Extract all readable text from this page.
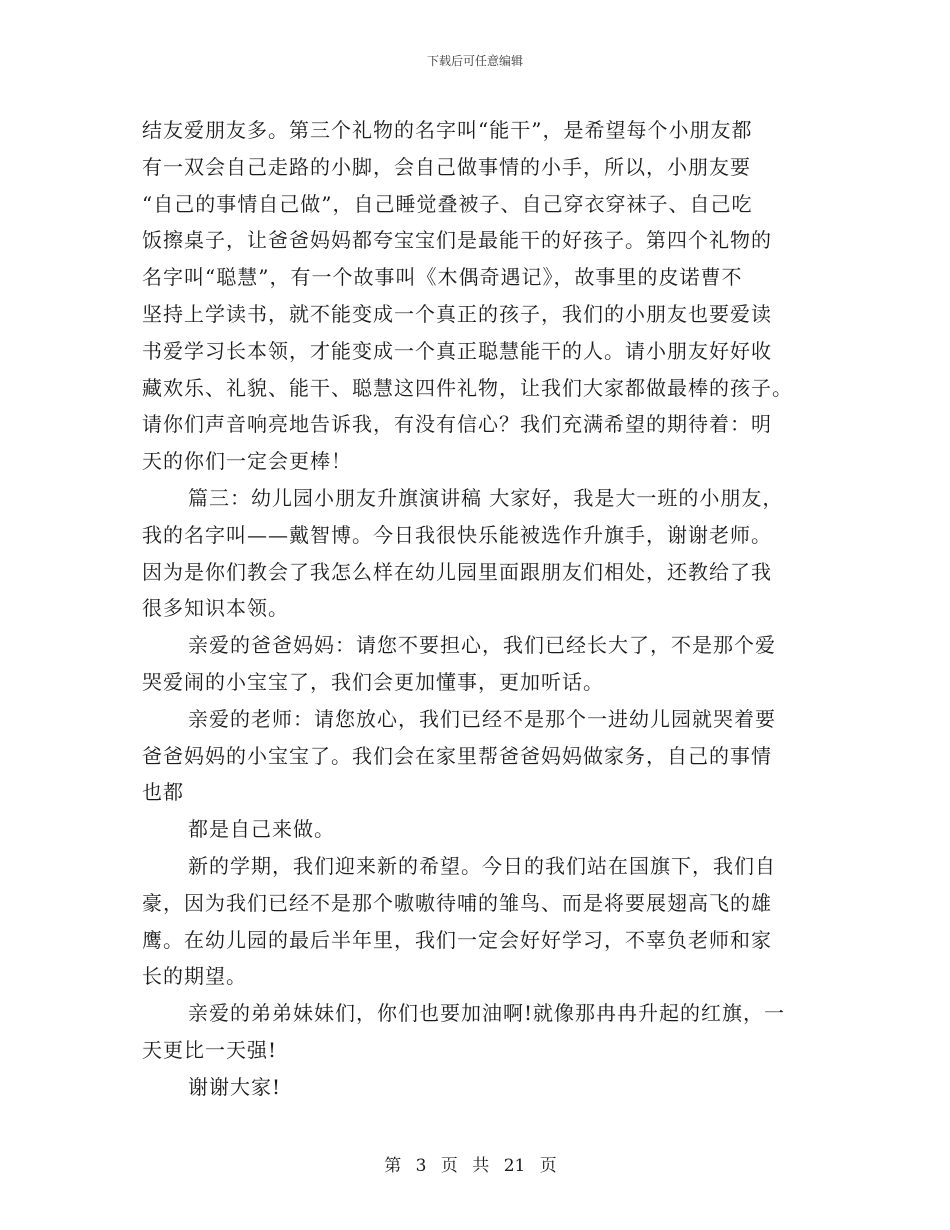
下载后可任意编辑
结友爱朋友多。第三个礼物的名字叫“能干”，是希望每个小朋友都
有一双会自己走路的小脚，会自己做事情的小手，所以，小朋友要
“自己的事情自己做”，自己睡觉叠被子、自己穿衣穿袜子、自己吃
饭擦桌子，让爸爸妈妈都夸宝宝们是最能干的好孩子。第四个礼物的
名字叫“聪慧”，有一个故事叫《木偶奇遇记》，故事里的皮诺曹不
坚持上学读书，就不能变成一个真正的孩子，我们的小朋友也要爱读
书爱学习长本领，才能变成一个真正聪慧能干的人。请小朋友好好收
藏欢乐、礼貌、能干、聪慧这四件礼物，让我们大家都做最棒的孩子。
请你们声音响亮地告诉我，有没有信心？我们充满希望的期待着：明
天的你们一定会更棒！
篇三：幼儿园小朋友升旗演讲稿 大家好，我是大一班的小朋友，
我的名字叫——戴智博。今日我很快乐能被选作升旗手，谢谢老师。
因为是你们教会了我怎么样在幼儿园里面跟朋友们相处，还教给了我
很多知识本领。
亲爱的爸爸妈妈：请您不要担心，我们已经长大了，不是那个爱
哭爱闹的小宝宝了，我们会更加懂事，更加听话。
亲爱的老师：请您放心，我们已经不是那个一进幼儿园就哭着要
爸爸妈妈的小宝宝了。我们会在家里帮爸爸妈妈做家务，自己的事情
也都
都是自己来做。
新的学期，我们迎来新的希望。今日的我们站在国旗下，我们自
豪，因为我们已经不是那个嗷嗷待哺的雏鸟、而是将要展翅高飞的雄
鹰。在幼儿园的最后半年里，我们一定会好好学习，不辜负老师和家
长的期望。
亲爱的弟弟妹妹们，你们也要加油啊!就像那冉冉升起的红旗，一
天更比一天强!
谢谢大家!
第 3 页 共 21 页
